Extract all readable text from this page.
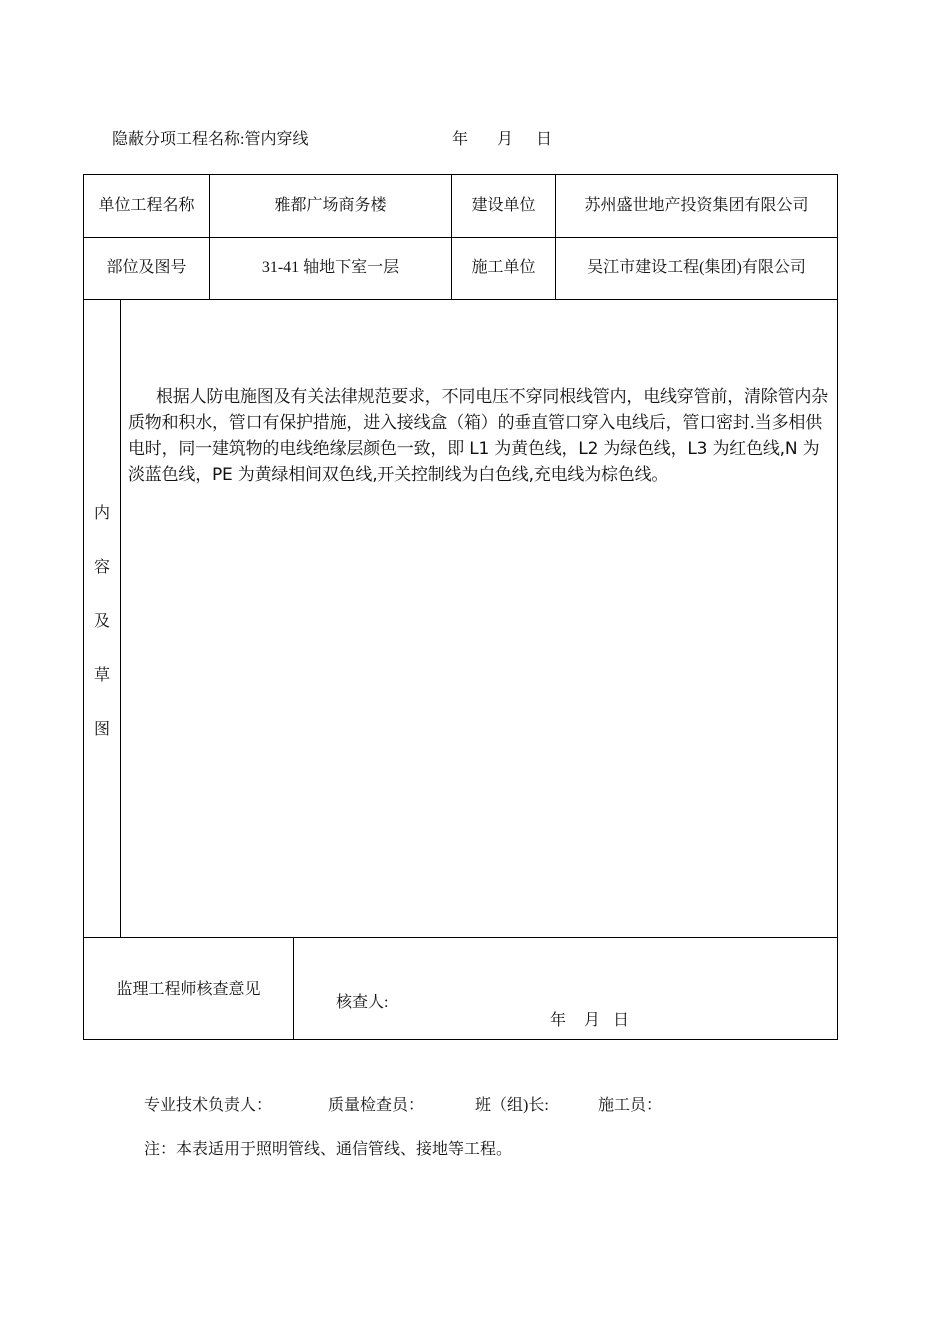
隐蔽分项工程名称:管内穿线	年 月 日
单位工程名称	雅都广场商务楼	建设单位	苏州盛世地产投资集团有限公司
部位及图号	31-41 轴地下室一层	施工单位	吴江市建设工程(集团)有限公司
内
容
及
草
图
根据人防电施图及有关法律规范要求，不同电压不穿同根线管内，电线穿管前，清除管内杂质物和积水，管口有保护措施，进入接线盒（箱）的垂直管口穿入电线后，管口密封.当多相供电时，同一建筑物的电线绝缘层颜色一致，即 L1 为黄色线，L2 为绿色线，L3 为红色线,N 为淡蓝色线，PE 为黄绿相间双色线,开关控制线为白色线,充电线为棕色线。
监理工程师核查意见
核查人:
年 月 日
专业技术负责人：	质量检查员：	班（组)长:	施工员：
注：本表适用于照明管线、通信管线、接地等工程。
